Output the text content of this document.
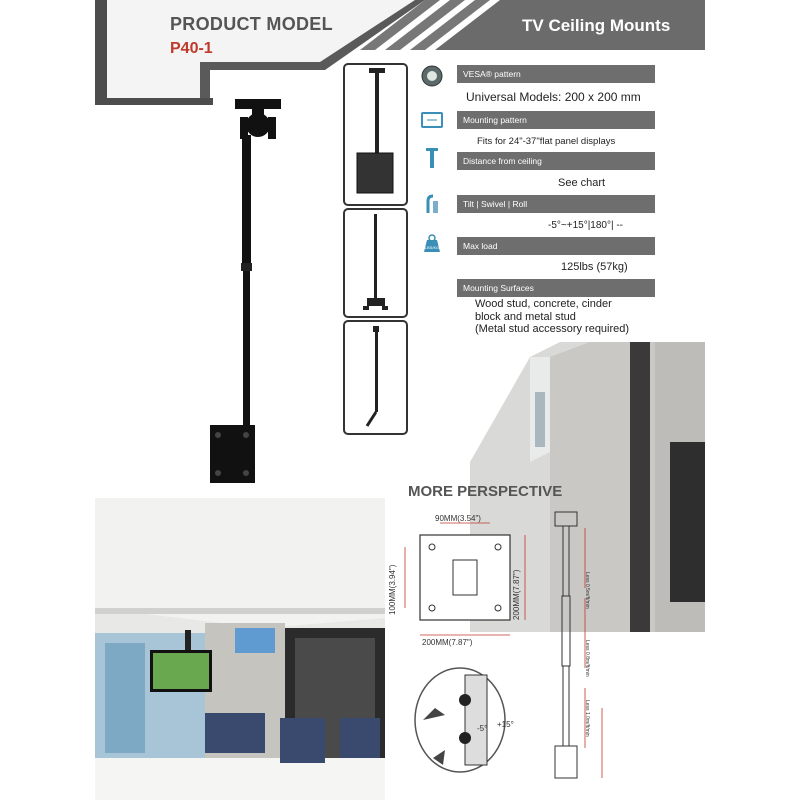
PRODUCT MODEL
P40-1
TV Ceiling Mounts
LBS/KG
VESA® pattern
Universal Models: 200 x 200 mm
Mounting pattern
Fits for 24"-37"flat panel displays
Distance from ceiling
See chart
Tilt | Swivel | Roll
-5°~+15°|180°| --
Max load
125lbs (57kg)
Mounting Surfaces
Wood stud, concrete, cinder
block and metal stud
(Metal stud accessory required)
MORE PERSPECTIVE
90MM(3.54")
200MM(7.87")
100MM(3.94")	200MM(7.87")
-5° +15°
Less 0.5m/ft/min
Less 0.8m/ft/min
Less 1.0m/ft/min
